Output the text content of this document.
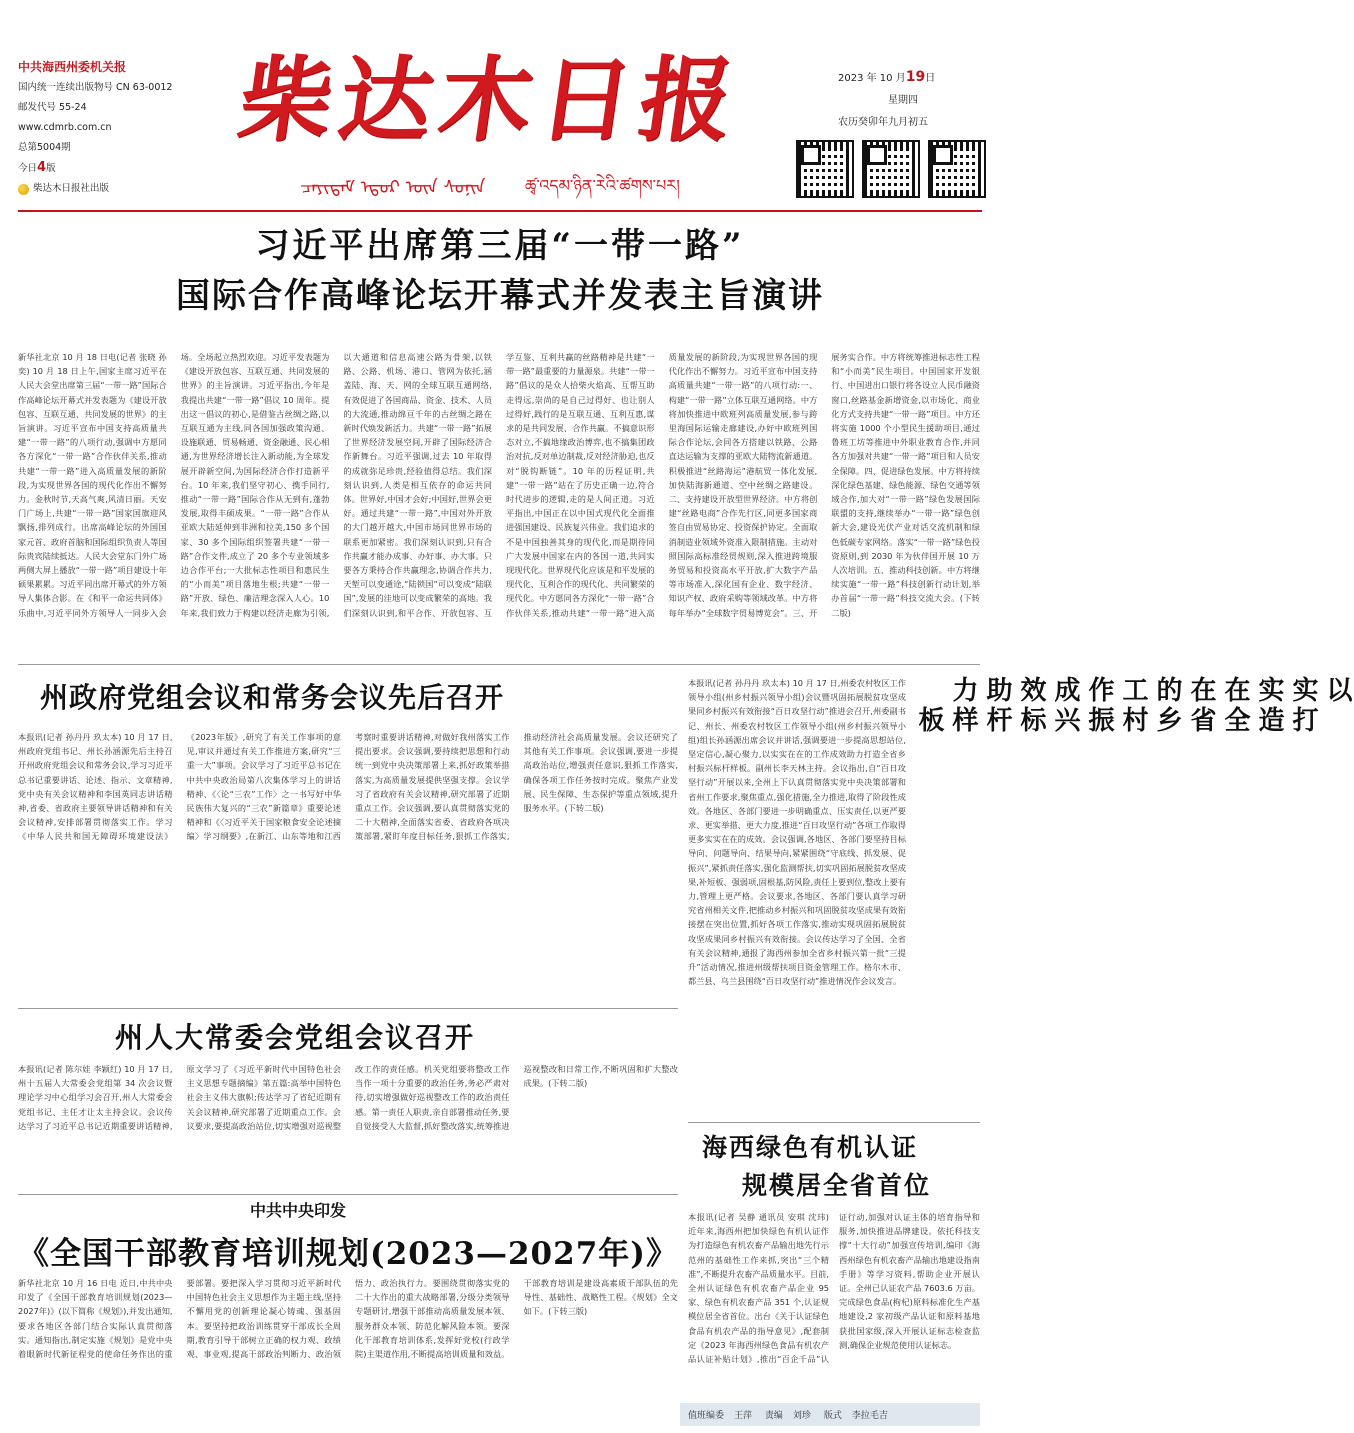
中共海西州委机关报
国内统一连续出版物号 CN 63-0012
邮发代号 55-24
www.cdmrb.com.cn
总第5004期
今日4版
柴达木日报社出版
柴达木日报
ᠴᠠᠶᠢᠳᠠᠮ ᠡᠳᠦᠷ ᠦᠨ ᠰᠣᠨᠢᠨ ཚྭ་འདམ་ཉིན་རེའི་ཚགས་པར།
2023 年 10 月19日
星期四
农历癸卯年九月初五
习近平出席第三届“一带一路”
国际合作高峰论坛开幕式并发表主旨演讲
新华社北京 10 月 18 日电(记者 张晓 孙奕) 10 月 18 日上午,国家主席习近平在人民大会堂出席第三届“一带一路”国际合作高峰论坛开幕式并发表题为《建设开放包容、互联互通、共同发展的世界》的主旨演讲。习近平宣布中国支持高质量共建“一带一路”的八项行动,强调中方愿同各方深化“一带一路”合作伙伴关系,推动共建“一带一路”进入高质量发展的新阶段,为实现世界各国的现代化作出不懈努力。金秋时节,天高气爽,风清日丽。天安门广场上,共建“一带一路”国家国旗迎风飘扬,排列成行。出席高峰论坛的外国国家元首、政府首脑和国际组织负责人等国际贵宾陆续抵达。人民大会堂东门外广场两侧大屏上播放“一带一路”项目建设十年硕果累累。习近平同出席开幕式的外方领导人集体合影。在《和平一命运共同体》乐曲中,习近平同外方领导人一同步入会场。全场起立热烈欢迎。习近平发表题为《建设开放包容、互联互通、共同发展的世界》的主旨演讲。习近平指出,今年是我提出共建“一带一路”倡议 10 周年。提出这一倡议的初心,是借鉴古丝绸之路,以互联互通为主线,同各国加强政策沟通、设施联通、贸易畅通、资金融通、民心相通,为世界经济增长注入新动能,为全球发展开辟新空间,为国际经济合作打造新平台。10 年来,我们坚守初心、携手同行,推动“一带一路”国际合作从无到有,蓬勃发展,取得丰硕成果。“一带一路”合作从亚欧大陆延伸到非洲和拉美,150 多个国家、30 多个国际组织签署共建“一带一路”合作文件,成立了 20 多个专业领域多边合作平台;一大批标志性项目和惠民生的“小而美”项目落地生根;共建“一带一路”开放、绿色、廉洁理念深入人心。10 年来,我们致力于构建以经济走廊为引领,以大通道和信息高速公路为骨架,以铁路、公路、机场、港口、管网为依托,涵盖陆、海、天、网的全球互联互通网络,有效促进了各国商品、资金、技术、人员的大流通,推动绵亘千年的古丝绸之路在新时代焕发新活力。共建“一带一路”拓展了世界经济发展空间,开辟了国际经济合作新舞台。习近平强调,过去 10 年取得的成就弥足珍贵,经验值得总结。我们深刻认识到,人类是相互依存的命运共同体。世界好,中国才会好;中国好,世界会更好。通过共建“一带一路”,中国对外开放的大门越开越大,中国市场同世界市场的联系更加紧密。我们深刻认识到,只有合作共赢才能办成事、办好事、办大事。只要各方秉持合作共赢理念,协调合作共力,天堑可以变通途,“陆锁国”可以变成“陆联国”,发展的洼地可以变成繁荣的高地。我们深刻认识到,和平合作、开放包容、互学互鉴、互利共赢的丝路精神是共建“一带一路”最重要的力量源泉。共建“一带一路”倡议的是众人拾柴火焰高、互帮互助走得远,崇尚的是自己过得好、也让别人过得好,践行的是互联互通、互利互惠,谋求的是共同发展、合作共赢。不搞意识形态对立,不搞地缘政治博弈,也不搞集团政治对抗,反对单边制裁,反对经济胁迫,也反对“脱钩断链”。10 年的历程证明,共建“一带一路”站在了历史正确一边,符合时代进步的逻辑,走的是人间正道。习近平指出,中国正在以中国式现代化全面推进强国建设、民族复兴伟业。我们追求的不是中国独善其身的现代化,而是期待同广大发展中国家在内的各国一道,共同实现现代化。世界现代化应该是和平发展的现代化、互利合作的现代化、共同繁荣的现代化。中方愿同各方深化“一带一路”合作伙伴关系,推动共建“一带一路”进入高质量发展的新阶段,为实现世界各国的现代化作出不懈努力。习近平宣布中国支持高质量共建“一带一路”的八项行动:一、构建“一带一路”立体互联互通网络。中方将加快推进中欧班列高质量发展,参与跨里海国际运输走廊建设,办好中欧班列国际合作论坛,会同各方搭建以铁路、公路直达运输为支撑的亚欧大陆物流新通道。积极推进“丝路海运”港航贸一体化发展,加快陆海新通道、空中丝绸之路建设。二、支持建设开放型世界经济。中方将创建“丝路电商”合作先行区,同更多国家商签自由贸易协定、投资保护协定。全面取消制造业领域外资准入限制措施。主动对照国际高标准经贸规则,深入推进跨境服务贸易和投资高水平开放,扩大数字产品等市场准入,深化国有企业、数字经济、知识产权、政府采购等领域改革。中方将每年举办“全球数字贸易博览会”。三、开展务实合作。中方将统筹推进标志性工程和“小而美”民生项目。中国国家开发银行、中国进出口银行将各设立人民币融资窗口,丝路基金新增资金,以市场化、商业化方式支持共建“一带一路”项目。中方还将实施 1000 个小型民生援助项目,通过鲁班工坊等推进中外职业教育合作,并同各方加强对共建“一带一路”项目和人员安全保障。四、促进绿色发展。中方将持续深化绿色基建、绿色能源、绿色交通等领域合作,加大对“一带一路”绿色发展国际联盟的支持,继续举办“一带一路”绿色创新大会,建设光伏产业对话交流机制和绿色低碳专家网络。落实“一带一路”绿色投资原则,到 2030 年为伙伴国开展 10 万人次培训。五、推动科技创新。中方将继续实施“一带一路”科技创新行动计划,举办首届“一带一路”科技交流大会。(下转二版)
州政府党组会议和常务会议先后召开
本报讯(记者 孙丹丹 玖太本) 10 月 17 日,州政府党组书记、州长孙涵源先后主持召开州政府党组会议和常务会议,学习习近平总书记重要讲话、论述、指示、文章精神,党中央有关会议精神和李国英同志讲话精神,省委、省政府主要领导讲话精神和有关会议精神,安排部署贯彻落实工作。学习《中华人民共和国无障碍环境建设法》《2023年版》,研究了有关工作事项的意见,审议并通过有关工作推进方案,研究“三重一大”事项。会议学习了习近平总书记在中共中央政治局第八次集体学习上的讲话精神、《〈论“三农”工作〉之一书写好中华民族伟大复兴的“三农”新篇章》重要论述精神和《〈习近平关于国家粮食安全论述摘编〉学习纲要》,在新江、山东等地和江西考察时重要讲话精神,对做好我州落实工作提出要求。会议强调,要持续把思想和行动统一到党中央决策部署上来,抓好政策举措落实,为高质量发展提供坚强支撑。会议学习了省政府有关会议精神,研究部署了近期重点工作。会议强调,要认真贯彻落实党的二十大精神,全面落实省委、省政府各项决策部署,紧盯年度目标任务,狠抓工作落实,推动经济社会高质量发展。会议还研究了其他有关工作事项。会议强调,要进一步提高政治站位,增强责任意识,狠抓工作落实,确保各项工作任务按时完成。聚焦产业发展、民生保障、生态保护等重点领域,提升服务水平。(下转二版)
州人大常委会党组会议召开
本报讯(记者 陈尔娃 李颖红) 10 月 17 日,州十五届人大常委会党组第 34 次会议暨理论学习中心组学习会召开,州人大常委会党组书记、主任才让太主持会议。会议传达学习了习近平总书记近期重要讲话精神,原文学习了《习近平新时代中国特色社会主义思想专题摘编》第五篇:高举中国特色社会主义伟大旗帜;传达学习了省纪近期有关会议精神,研究部署了近期重点工作。会议要求,要提高政治站位,切实增强对巡视整改工作的责任感。机关党组要将整改工作当作一项十分重要的政治任务,务必严肃对待,切实增强做好巡视整改工作的政治责任感。第一责任人职责,亲自部署推动任务,要自觉接受人大监督,抓好整改落实,统筹推进巡视整改和日常工作,不断巩固和扩大整改成果。(下转二版)
以实实在在的工作成效助力
打造全省乡村振兴标杆样板
本报讯(记者 孙丹丹 玖太本) 10 月 17 日,州委农村牧区工作领导小组(州乡村振兴领导小组)会议暨巩固拓展脱贫攻坚成果同乡村振兴有效衔接“百日攻坚行动”推进会召开,州委副书记、州长、州委农村牧区工作领导小组(州乡村振兴领导小组)组长孙涵源出席会议并讲话,强调要进一步提高思想站位,坚定信心,凝心聚力,以实实在在的工作成效助力打造全省乡村振兴标杆样板。副州长李天林主持。会议指出,自“百日攻坚行动”开展以来,全州上下认真贯彻落实党中央决策部署和省州工作要求,聚焦重点,强化措施,全力推进,取得了阶段性成效。各地区、各部门要进一步明确重点、压实责任,以更严要求、更实举措、更大力度,推进“百日攻坚行动”各项工作取得更多实实在在的成效。会议强调,各地区、各部门要坚持目标导向、问题导向、结果导向,紧紧围绕“守底线、抓发展、促振兴”,紧抓责任落实,强化监测帮扶,切实巩固拓展脱贫攻坚成果,补短板、强弱项,固根基,防风险,责任上要到位,整改上要有力,管理上更严格。会议要求,各地区、各部门要认真学习研究省州相关文件,把推动乡村振兴和巩固脱贫攻坚成果有效衔接摆在突出位置,抓好各项工作落实,推动实现巩固拓展脱贫攻坚成果同乡村振兴有效衔接。会议传达学习了全国、全省有关会议精神,通报了海西州参加全省乡村振兴第一批“三提升”活动情况,推进州级帮扶项目资金管理工作。格尔木市、都兰县、乌兰县围绕“百日攻坚行动”推进情况作会议发言。
海西绿色有机认证
规模居全省首位
本报讯(记者 吴静 通讯员 安琪 沈玮) 近年来,海西州把加快绿色有机认证作为打造绿色有机农畜产品输出地先行示范州的基础性工作来抓,突出“三个精准”,不断提升农畜产品质量水平。目前,全州认证绿色有机农畜产品企业 95 家、绿色有机农畜产品 351 个,认证规模位居全省首位。出台《关于认证绿色食品有机农产品的指导意见》,配套制定《2023 年海西州绿色食品有机农产品认证补贴计划》,推出“百企千品”认证行动,加强对认证主体的培育指导和服务,加快推进品牌建设。依托科技支撑“十大行动”加强宣传培训,编印《海西州绿色有机农畜产品输出地建设指南手册》等学习资料,帮助企业开展认证。全州已认证农产品 7603.6 万亩。完成绿色食品(枸杞)原料标准化生产基地建设,2 家初级产品认证和原料基地获批国家级,深入开展认证标志检查监测,确保企业规范使用认证标志。
中共中央印发
《全国干部教育培训规划(2023—2027年)》
新华社北京 10 月 16 日电 近日,中共中央印发了《全国干部教育培训规划(2023—2027年)》(以下简称《规划》),并发出通知,要求各地区各部门结合实际认真贯彻落实。通知指出,制定实施《规划》是党中央着眼新时代新征程党的使命任务作出的重要部署。要把深入学习贯彻习近平新时代中国特色社会主义思想作为主题主线,坚持不懈用党的创新理论凝心铸魂、强基固本。要坚持把政治训练贯穿干部成长全周期,教育引导干部树立正确的权力观、政绩观、事业观,提高干部政治判断力、政治领悟力、政治执行力。要围绕贯彻落实党的二十大作出的重大战略部署,分级分类领导专题研讨,增强干部推动高质量发展本领、服务群众本领、防范化解风险本领。要深化干部教育培训体系,发挥好党校(行政学院)主渠道作用,不断提高培训质量和效益。干部教育培训是建设高素质干部队伍的先导性、基础性、战略性工程。《规划》全文如下。(下转三版)
值班编委 王萍 责编 刘珍 版式 李拉毛吉
